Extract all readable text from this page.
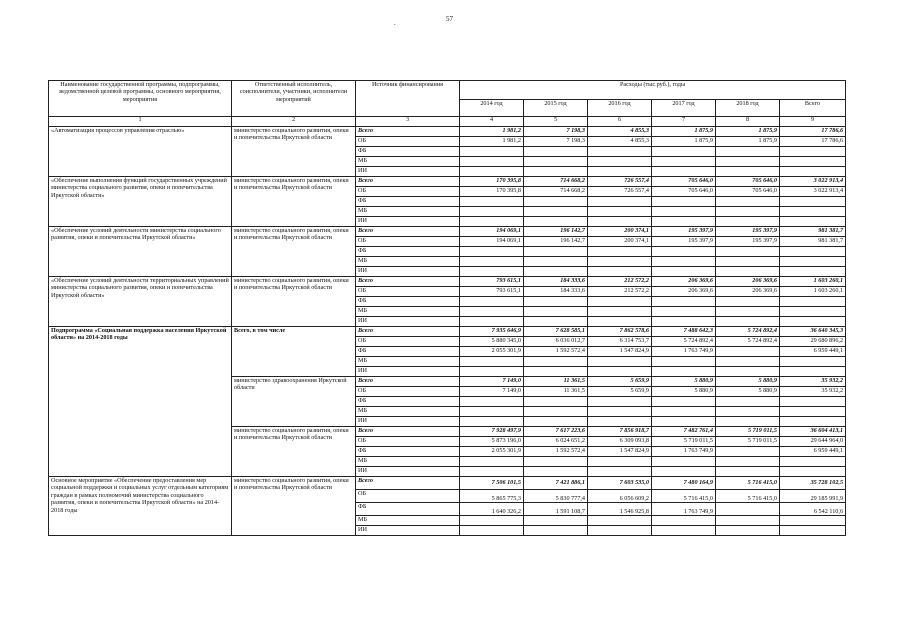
.	57
Наименование государственной программы, подпрограммы, ведомственной целевой программы, основного мероприятия, мероприятия	Ответственный исполнитель, соисполнители, участники, исполнители мероприятий	Источник финансирования	Расходы (тыс.руб.), годы					
			2014 год	2015 год	2016 год	2017 год	2018 год	Всего
1	2	3	4	5	6	7	8	9
«Автоматизация процессов управления отраслью»	министерство социального развития, опеки и попечительства Иркутской области	Всего	1 981,2	7 198,3	4 855,3	1 875,9	1 875,9	17 786,6
		ОБ	1 981,2	7 198,3	4 855,3	1 875,9	1 875,9	17 786,6
		ФБ						
		МБ						
		ИИ						
«Обеспечение выполнения функций государственных учреждений министерства социального развития, опеки и попечительства Иркутской области»	министерство социального развития, опеки и попечительства Иркутской области	Всего	170 395,8	714 668,2	726 557,4	705 646,0	705 646,0	3 022 913,4
		ОБ	170 395,8	714 668,2	726 557,4	705 646,0	705 646,0	3 022 913,4
		ФБ						
		МБ						
		ИИ						
«Обеспечение условий деятельности министерства социального развития, опеки и попечительства Иркутской области»	министерство социального развития, опеки и попечительства Иркутской области	Всего	194 069,1	196 142,7	200 374,1	195 397,9	195 397,9	981 381,7
		ОБ	194 069,1	196 142,7	200 374,1	195 397,9	195 397,9	981 381,7
		ФБ						
		МБ						
		ИИ						
«Обеспечение условий деятельности территориальных управлений министерства социального развития, опеки и попечительства Иркутской области»	министерство социального развития, опеки и попечительства Иркутской области	Всего	793 615,1	184 333,6	212 572,2	206 369,6	206 369,6	1 603 260,1
		ОБ	793 615,1	184 333,6	212 572,2	206 369,6	206 369,6	1 603 260,1
		ФБ						
		МБ						
		ИИ						
Подпрограмма «Социальная поддержка населения Иркутской области» на 2014-2018 годы	Всего, в том числе	Всего	7 935 646,9	7 628 585,1	7 862 578,6	7 488 642,3	5 724 892,4	36 640 345,3
		ОБ	5 880 345,0	6 036 012,7	6 314 753,7	5 724 892,4	5 724 892,4	29 680 896,2
		ФБ	2 055 301,9	1 592 572,4	1 547 824,9	1 763 749,9		6 959 449,1
		МБ						
		ИИ						
	министерство здравоохранения Иркутской области	Всего	7 149,0	11 361,5	5 659,9	5 880,9	5 880,9	35 932,2
		ОБ	7 149,0	11 361,5	5 659,9	5 880,9	5 880,9	35 932,2
		ФБ						
		МБ						
		ИИ						
	министерство социального развития, опеки и попечительства Иркутской области	Всего	7 928 497,9	7 617 223,6	7 856 918,7	7 482 761,4	5 719 011,5	36 604 413,1
		ОБ	5 873 196,0	6 024 651,2	6 309 093,8	5 719 011,5	5 719 011,5	29 644 964,0
		ФБ	2 055 301,9	1 592 572,4	1 547 824,9	1 763 749,9		6 959 449,1
		МБ						
		ИИ						
Основное мероприятие «Обеспечение предоставления мер социальной поддержки и социальных услуг отдельным категориям граждан в рамках полномочий министерства социального развития, опеки и попечительства Иркутской области» на 2014-2018 годы	министерство социального развития, опеки и попечительства Иркутской области	Всего	7 506 101,5	7 421 886,1	7 603 535,0	7 480 164,9	5 716 415,0	35 728 102,5
		ОБ	5 865 775,3	5 830 777,4	6 056 609,2	5 716 415,0	5 716 415,0	29 185 991,9
		ФБ	1 640 326,2	1 591 108,7	1 546 925,8	1 763 749,9		6 542 110,6
		МБ						
		ИИ						
